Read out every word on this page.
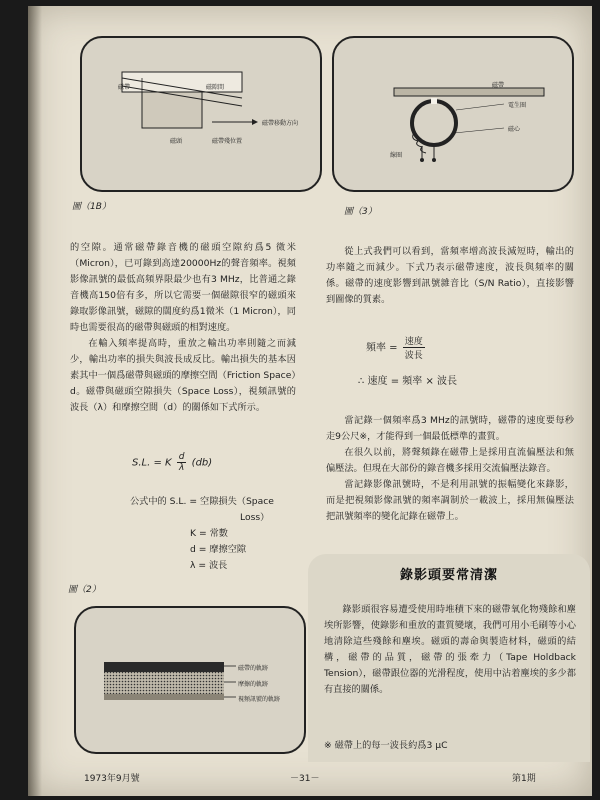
磁帶	磁隙間
磁帶移動方向
磁頭	磁帶殘位置
圖（1B）
磁帶
電生圈
磁心
線圈
圖（3）

的空隙。通常磁帶錄音機的磁頭空隙約爲5 微米（Micron），已可錄到高達20000Hz的聲音頻率。視頻影像訊號的最低高頻界限最少也有3 MHz，比普通之錄音機高150倍有多，所以它需要一個磁隙很窄的磁頭來錄取影像訊號，磁隙的闊度約爲1微米（1 Micron），同時也需要很高的磁帶與磁頭的相對速度。

在輸入頻率提高時，重放之輸出功率則隨之而減少，輸出功率的損失與波長成反比。輸出損失的基本因素其中一個爲磁帶與磁頭的摩擦空間（Friction Space）d。磁帶與磁頭空隙損失（Space Loss），視頻訊號的波長（λ）和摩擦空間（d）的關係如下式所示。

S.L. = K $\frac{d}{\lambda} (db)$
公式中的 S.L. = 空隙損失（Space
Loss）
K = 常數
d = 摩擦空隙
λ = 波長
圖（2）
磁帶的軌跡
摩擦的軌跡
視頻訊號的軌跡

從上式我們可以看到，當頻率增高波長減短時，輸出的功率隨之而減少。下式乃表示磁帶速度，波長與頻率的關係。磁帶的速度影響到訊號雜音比（S/N Ratio），直接影響到圖像的質素。

頻率 = $\frac{\text{速度}}{\text{波長}}$
∴ 速度 = 頻率 × 波長

當記錄一個頻率爲3 MHz的訊號時，磁帶的速度要每秒走9公尺※，才能得到一個最低標準的畫質。

在很久以前，將聲頻錄在磁帶上是採用直流偏壓法和無偏壓法。但現在大部份的錄音機多採用交流偏壓法錄音。

當記錄影像訊號時，不是利用訊號的振幅變化來錄影，而是把視頻影像訊號的頻率調制於一載波上，採用無偏壓法把訊號頻率的變化記錄在磁帶上。

錄影頭要常清潔

錄影頭很容易遭受使用時堆積下來的磁帶氧化物殘餘和塵埃所影響，使錄影和重放的畫質變壞，我們可用小毛刷等小心地清除這些殘餘和塵埃。磁頭的壽命與製造材料，磁頭的結構，磁帶的品質，磁帶的張牽力（Tape Holdback Tension），磁帶跟位器的光滑程度，使用中沾着塵埃的多少都有直接的關係。

※ 磁帶上的每一波長約爲3 μC
1973年9月號	－31－	第1期
